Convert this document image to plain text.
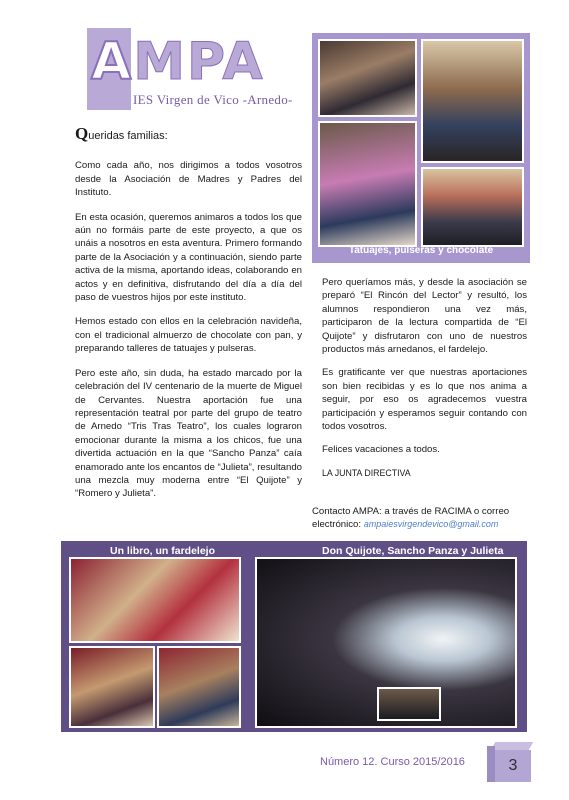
AMPA
IES Virgen de Vico -Arnedo-

Queridas familias:

Como cada año, nos dirigimos a todos vosotros desde la Asociación de Madres y Padres del Instituto.

En esta ocasión, queremos animaros a todos los que aún no formáis parte de este proyecto, a que os unáis a nosotros en esta aventura. Primero formando parte de la Asociación y a continuación, siendo parte activa de la misma, aportando ideas, colaborando en actos y en definitiva, disfrutando del día a día del paso de vuestros hijos por este instituto.

Hemos estado con ellos en la celebración navideña, con el tradicional almuerzo de chocolate con pan, y preparando talleres de tatuajes y pulseras.

Pero este año, sin duda, ha estado marcado por la celebración del IV centenario de la muerte de Miguel de Cervantes. Nuestra aportación fue una representación teatral por parte del grupo de teatro de Arnedo “Tris Tras Teatro”, los cuales lograron emocionar durante la misma a los chicos, fue una divertida actuación en la que “Sancho Panza” caía enamorado ante los encantos de “Julieta”, resultando una mezcla muy moderna entre “El Quijote” y “Romero y Julieta”.

Tatuajes, pulseras y chocolate

Pero queríamos más, y desde la asociación se preparó “El Rincón del Lector” y resultó, los alumnos respondieron una vez más, participaron de la lectura compartida de “El Quijote” y disfrutaron con uno de nuestros productos más arnedanos, el fardelejo.

Es gratificante ver que nuestras aportaciones son bien recibidas y es lo que nos anima a seguir, por eso os agradecemos vuestra participación y esperamos seguir contando con todos vosotros.

Felices vacaciones a todos.

LA JUNTA DIRECTIVA

Contacto AMPA: a través de RACIMA o correo electrónico: ampaiesvirgendevico@gmail.com
Un libro, un fardelejo	Don Quijote, Sancho Panza y Julieta
Número 12. Curso 2015/2016	3
